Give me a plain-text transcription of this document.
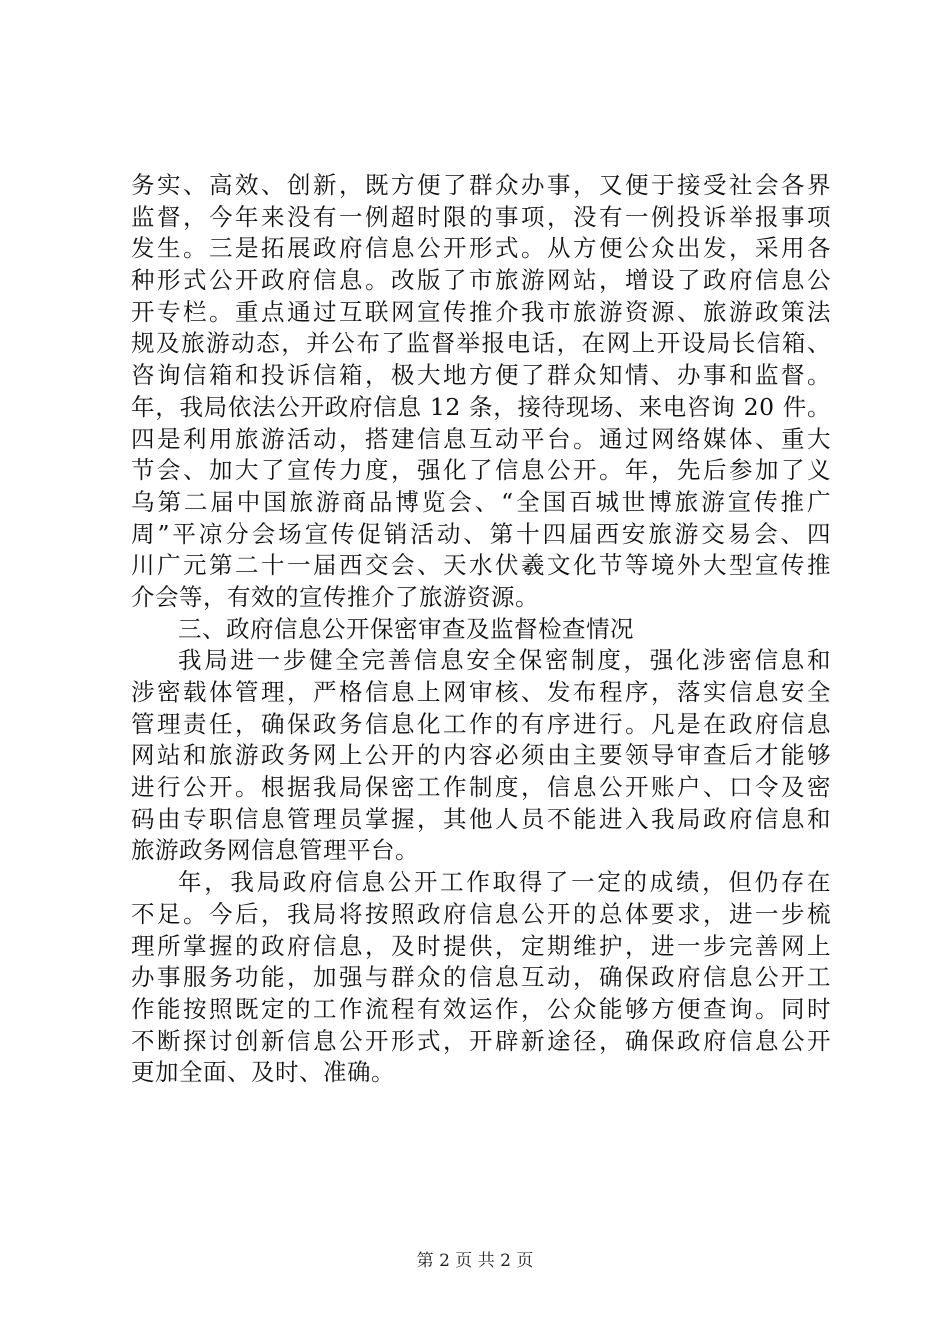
务实、高效、创新，既方便了群众办事，又便于接受社会各界
监督，今年来没有一例超时限的事项，没有一例投诉举报事项
发生。三是拓展政府信息公开形式。从方便公众出发，采用各
种形式公开政府信息。改版了市旅游网站，增设了政府信息公
开专栏。重点通过互联网宣传推介我市旅游资源、旅游政策法
规及旅游动态，并公布了监督举报电话，在网上开设局长信箱、
咨询信箱和投诉信箱，极大地方便了群众知情、办事和监督。
年，我局依法公开政府信息 12 条，接待现场、来电咨询 20 件。
四是利用旅游活动，搭建信息互动平台。通过网络媒体、重大
节会、加大了宣传力度，强化了信息公开。年，先后参加了义
乌第二届中国旅游商品博览会、“全国百城世博旅游宣传推广
周”平凉分会场宣传促销活动、第十四届西安旅游交易会、四
川广元第二十一届西交会、天水伏羲文化节等境外大型宣传推
介会等，有效的宣传推介了旅游资源。
三、政府信息公开保密审查及监督检查情况
我局进一步健全完善信息安全保密制度，强化涉密信息和
涉密载体管理，严格信息上网审核、发布程序，落实信息安全
管理责任，确保政务信息化工作的有序进行。凡是在政府信息
网站和旅游政务网上公开的内容必须由主要领导审查后才能够
进行公开。根据我局保密工作制度，信息公开账户、口令及密
码由专职信息管理员掌握，其他人员不能进入我局政府信息和
旅游政务网信息管理平台。
年，我局政府信息公开工作取得了一定的成绩，但仍存在
不足。今后，我局将按照政府信息公开的总体要求，进一步梳
理所掌握的政府信息，及时提供，定期维护，进一步完善网上
办事服务功能，加强与群众的信息互动，确保政府信息公开工
作能按照既定的工作流程有效运作，公众能够方便查询。同时
不断探讨创新信息公开形式，开辟新途径，确保政府信息公开
更加全面、及时、准确。
第 2 页 共 2 页
